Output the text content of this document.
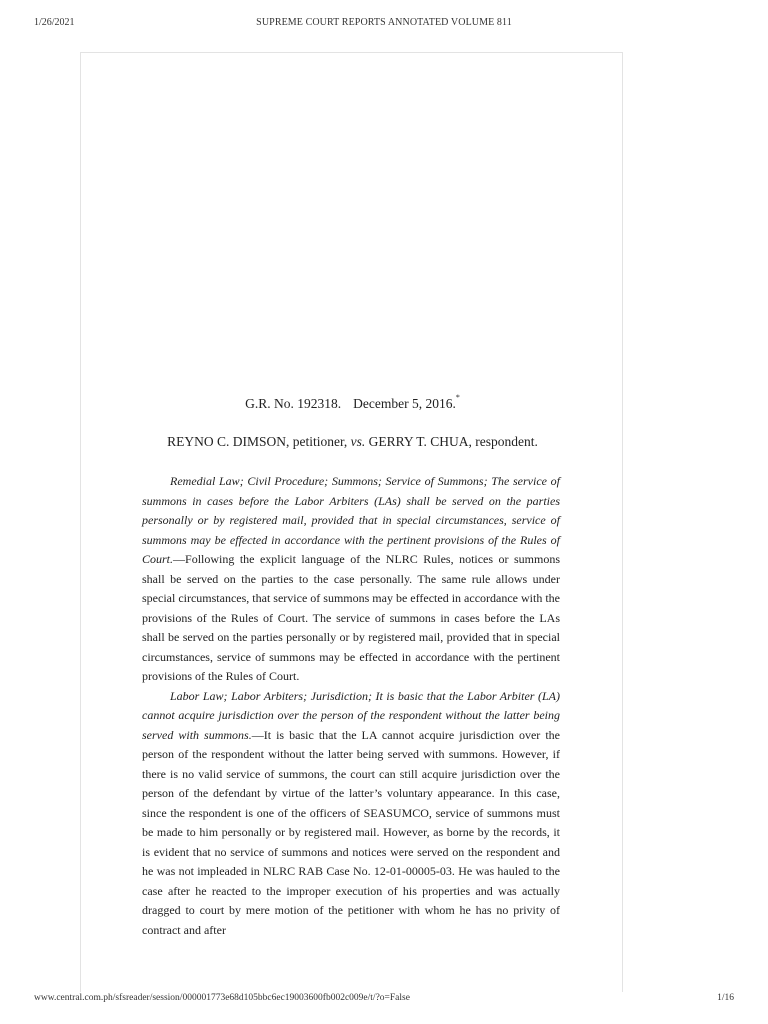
1/26/2021	SUPREME COURT REPORTS ANNOTATED VOLUME 811
G.R. No. 192318. December 5, 2016.*
REYNO C. DIMSON, petitioner, vs. GERRY T. CHUA, respondent.

Remedial Law; Civil Procedure; Summons; Service of Summons; The service of summons in cases before the Labor Arbiters (LAs) shall be served on the parties personally or by registered mail, provided that in special circumstances, service of summons may be effected in accordance with the pertinent provisions of the Rules of Court.—Following the explicit language of the NLRC Rules, notices or summons shall be served on the parties to the case personally. The same rule allows under special circumstances, that service of summons may be effected in accordance with the provisions of the Rules of Court. The service of summons in cases before the LAs shall be served on the parties personally or by registered mail, provided that in special circumstances, service of summons may be effected in accordance with the pertinent provisions of the Rules of Court.

Labor Law; Labor Arbiters; Jurisdiction; It is basic that the Labor Arbiter (LA) cannot acquire jurisdiction over the person of the respondent without the latter being served with summons.—It is basic that the LA cannot acquire jurisdiction over the person of the respondent without the latter being served with summons. However, if there is no valid service of summons, the court can still acquire jurisdiction over the person of the defendant by virtue of the latter’s voluntary appearance. In this case, since the respondent is one of the officers of SEASUMCO, service of summons must be made to him personally or by registered mail. However, as borne by the records, it is evident that no service of summons and notices were served on the respondent and he was not impleaded in NLRC RAB Case No. 12-01-00005-03. He was hauled to the case after he reacted to the improper execution of his properties and was actually dragged to court by mere motion of the petitioner with whom he has no privity of contract and after

www.central.com.ph/sfsreader/session/000001773e68d105bbc6ec19003600fb002c009e/t/?o=False	1/16
